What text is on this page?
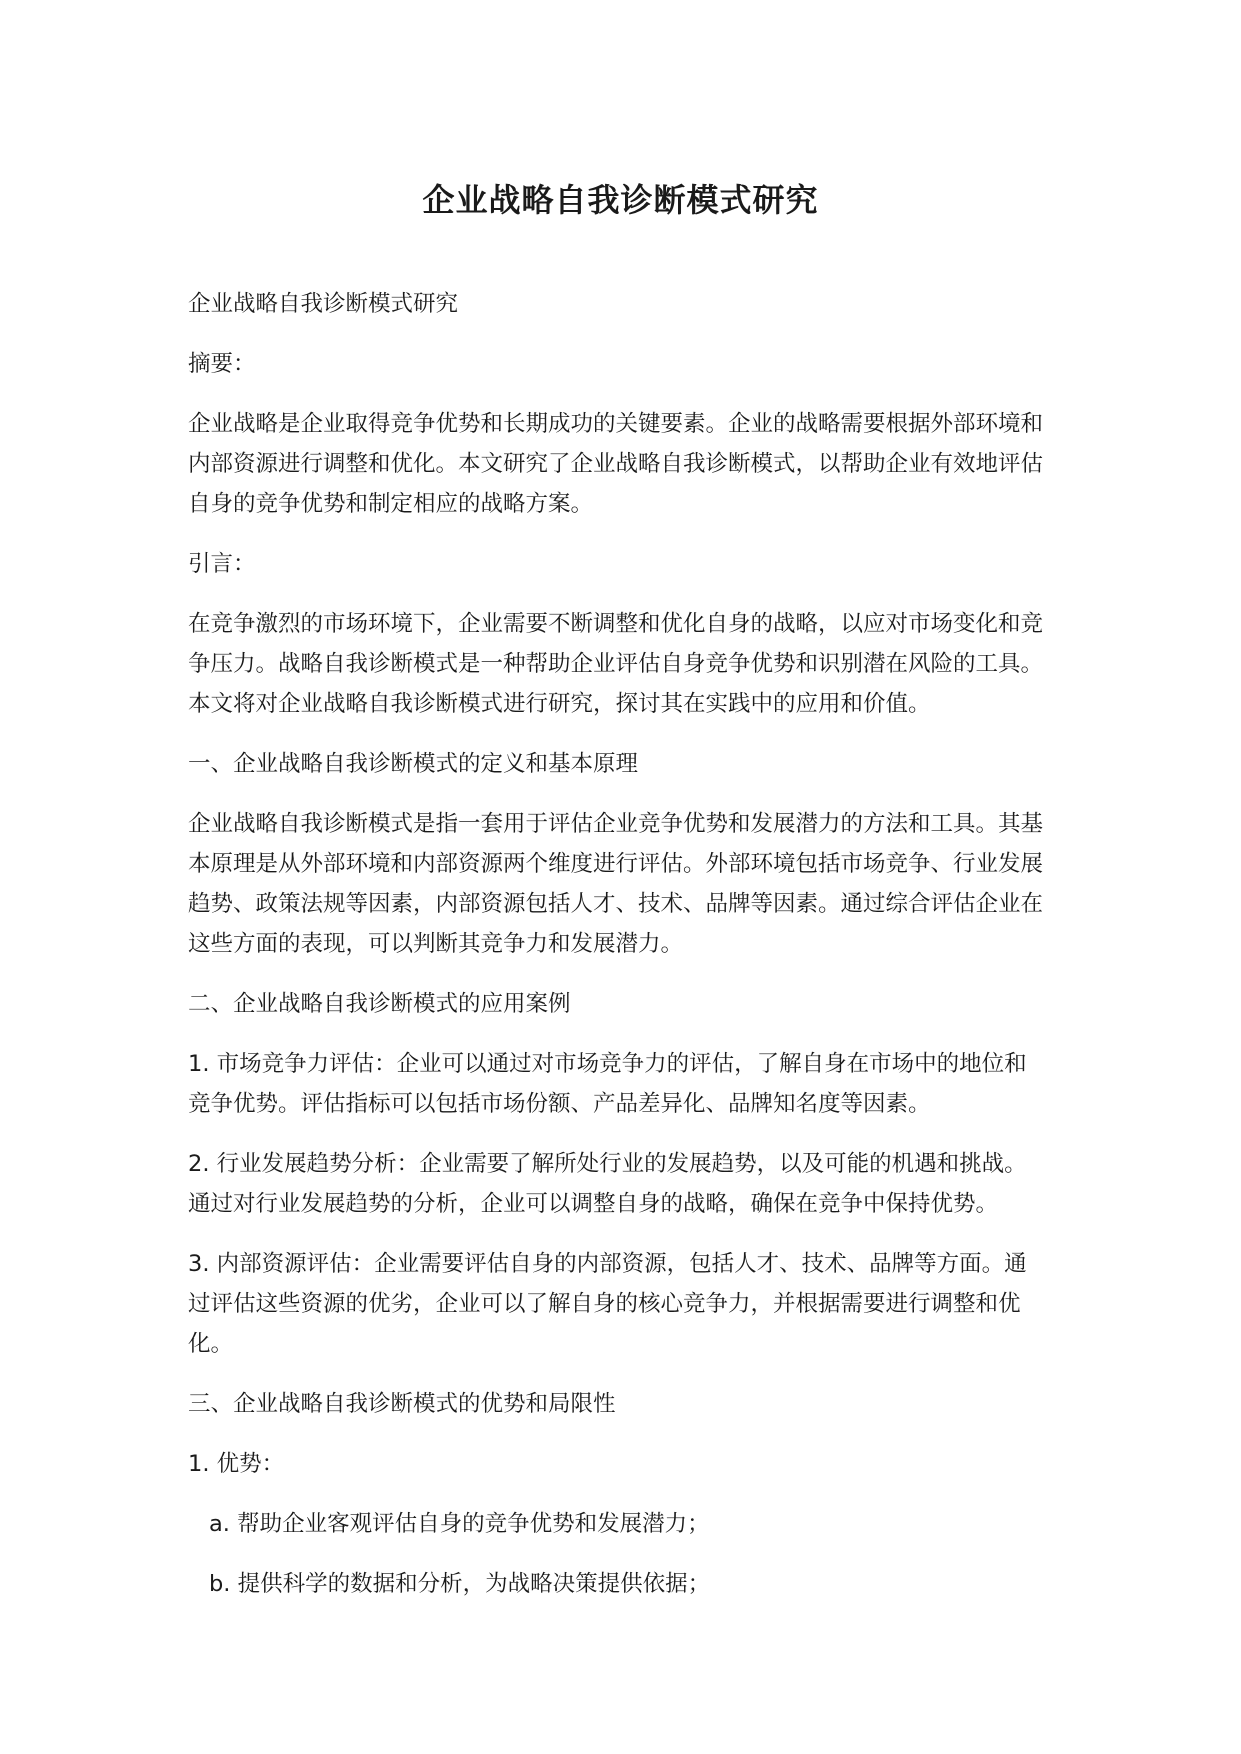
企业战略自我诊断模式研究

企业战略自我诊断模式研究

摘要：

企业战略是企业取得竞争优势和长期成功的关键要素。企业的战略需要根据外部环境和内部资源进行调整和优化。本文研究了企业战略自我诊断模式，以帮助企业有效地评估自身的竞争优势和制定相应的战略方案。

引言：

在竞争激烈的市场环境下，企业需要不断调整和优化自身的战略，以应对市场变化和竞争压力。战略自我诊断模式是一种帮助企业评估自身竞争优势和识别潜在风险的工具。本文将对企业战略自我诊断模式进行研究，探讨其在实践中的应用和价值。

一、企业战略自我诊断模式的定义和基本原理

企业战略自我诊断模式是指一套用于评估企业竞争优势和发展潜力的方法和工具。其基本原理是从外部环境和内部资源两个维度进行评估。外部环境包括市场竞争、行业发展趋势、政策法规等因素，内部资源包括人才、技术、品牌等因素。通过综合评估企业在这些方面的表现，可以判断其竞争力和发展潜力。

二、企业战略自我诊断模式的应用案例

1. 市场竞争力评估：企业可以通过对市场竞争力的评估，了解自身在市场中的地位和竞争优势。评估指标可以包括市场份额、产品差异化、品牌知名度等因素。

2. 行业发展趋势分析：企业需要了解所处行业的发展趋势，以及可能的机遇和挑战。通过对行业发展趋势的分析，企业可以调整自身的战略，确保在竞争中保持优势。

3. 内部资源评估：企业需要评估自身的内部资源，包括人才、技术、品牌等方面。通过评估这些资源的优劣，企业可以了解自身的核心竞争力，并根据需要进行调整和优化。

三、企业战略自我诊断模式的优势和局限性

1. 优势：

a. 帮助企业客观评估自身的竞争优势和发展潜力；

b. 提供科学的数据和分析，为战略决策提供依据；
